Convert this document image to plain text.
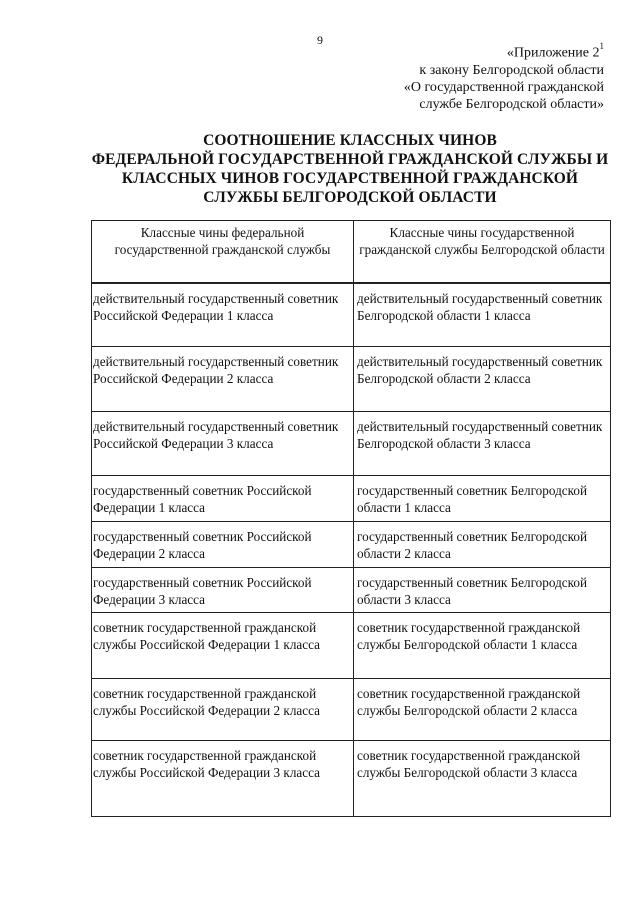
9
«Приложение $2^1$
к закону Белгородской области
«О государственной гражданской
службе Белгородской области»
СООТНОШЕНИЕ КЛАССНЫХ ЧИНОВ
ФЕДЕРАЛЬНОЙ ГОСУДАРСТВЕННОЙ ГРАЖДАНСКОЙ СЛУЖБЫ И
КЛАССНЫХ ЧИНОВ ГОСУДАРСТВЕННОЙ ГРАЖДАНСКОЙ
СЛУЖБЫ БЕЛГОРОДСКОЙ ОБЛАСТИ
Классные чины федеральной государственной гражданской службы	Классные чины государственной гражданской службы Белгородской области
действительный государственный советник Российской Федерации 1 класса	действительный государственный советник Белгородской области 1 класса
действительный государственный советник Российской Федерации 2 класса	действительный государственный советник Белгородской области 2 класса
действительный государственный советник Российской Федерации 3 класса	действительный государственный советник Белгородской области 3 класса
государственный советник Российской Федерации 1 класса	государственный советник Белгородской области 1 класса
государственный советник Российской Федерации 2 класса	государственный советник Белгородской области 2 класса
государственный советник Российской Федерации 3 класса	государственный советник Белгородской области 3 класса
советник государственной гражданской службы Российской Федерации 1 класса	советник государственной гражданской службы Белгородской области 1 класса
советник государственной гражданской службы Российской Федерации 2 класса	советник государственной гражданской службы Белгородской области 2 класса
советник государственной гражданской службы Российской Федерации 3 класса	советник государственной гражданской службы Белгородской области 3 класса
